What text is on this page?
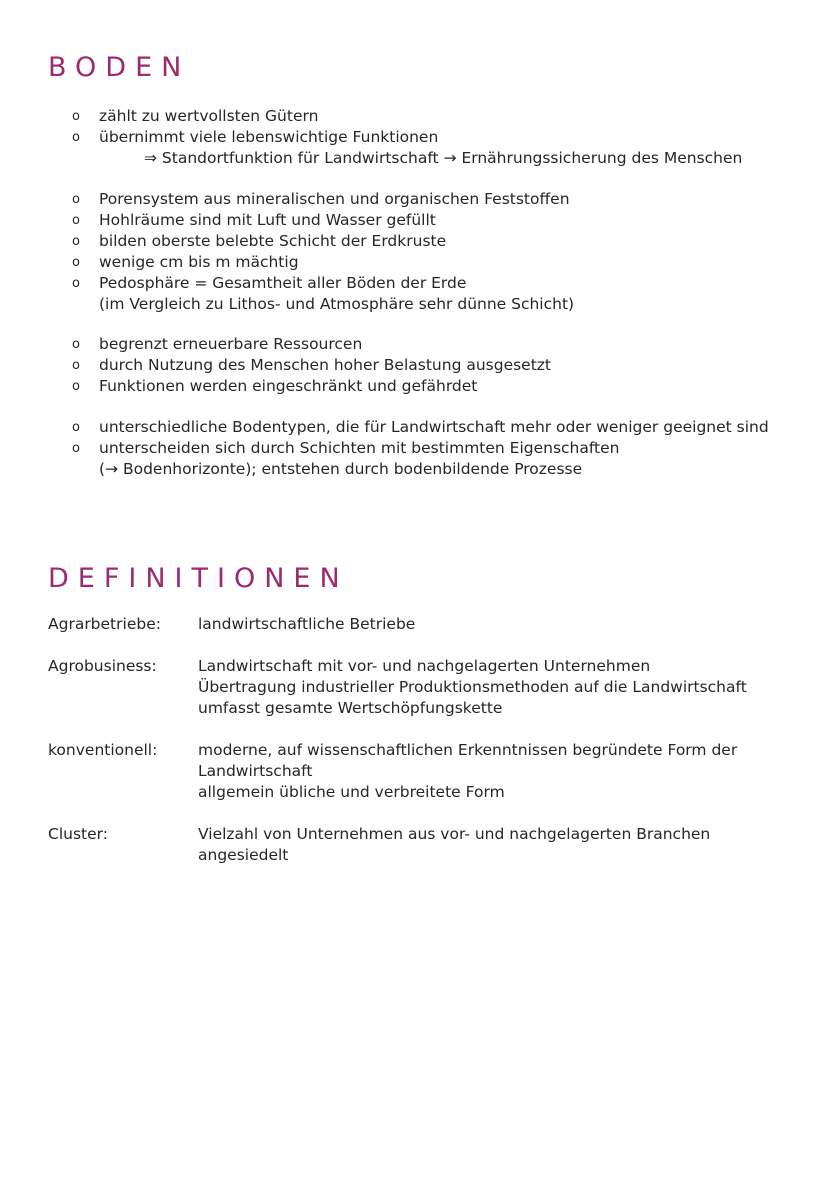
BODEN
o zählt zu wertvollsten Gütern
o übernimmt viele lebenswichtige Funktionen
⇒ Standortfunktion für Landwirtschaft → Ernährungssicherung des Menschen
o Porensystem aus mineralischen und organischen Feststoffen
o Hohlräume sind mit Luft und Wasser gefüllt
o bilden oberste belebte Schicht der Erdkruste
o wenige cm bis m mächtig
o Pedosphäre = Gesamtheit aller Böden der Erde
(im Vergleich zu Lithos- und Atmosphäre sehr dünne Schicht)
o begrenzt erneuerbare Ressourcen
o durch Nutzung des Menschen hoher Belastung ausgesetzt
o Funktionen werden eingeschränkt und gefährdet
o unterschiedliche Bodentypen, die für Landwirtschaft mehr oder weniger geeignet sind
o unterscheiden sich durch Schichten mit bestimmten Eigenschaften
(→ Bodenhorizonte); entstehen durch bodenbildende Prozesse
DEFINITIONEN
Agrarbetriebe:	landwirtschaftliche Betriebe
Agrobusiness:	Landwirtschaft mit vor- und nachgelagerten Unternehmen
Übertragung industrieller Produktionsmethoden auf die Landwirtschaft
umfasst gesamte Wertschöpfungskette
konventionell:	moderne, auf wissenschaftlichen Erkenntnissen begründete Form der Landwirtschaft
allgemein übliche und verbreitete Form
Cluster:	Vielzahl von Unternehmen aus vor- und nachgelagerten Branchen angesiedelt
